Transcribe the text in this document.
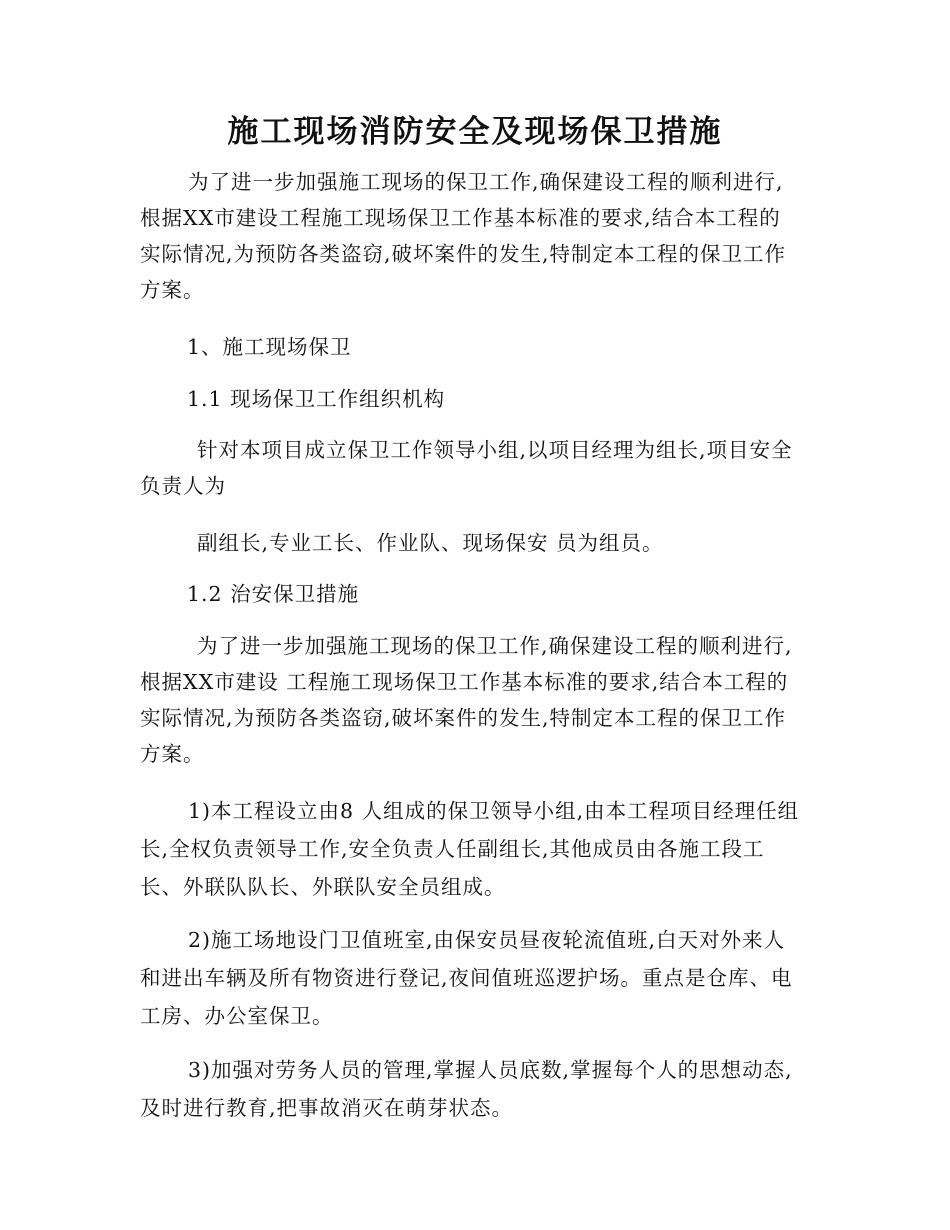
施工现场消防安全及现场保卫措施
为了进一步加强施工现场的保卫工作,确保建设工程的顺利进行,
根据XX市建设工程施工现场保卫工作基本标准的要求,结合本工程的
实际情况,为预防各类盗窃,破坏案件的发生,特制定本工程的保卫工作
方案。
1、施工现场保卫
1.1 现场保卫工作组织机构
针对本项目成立保卫工作领导小组,以项目经理为组长,项目安全
负责人为
副组长,专业工长、作业队、现场保安 员为组员。
1.2 治安保卫措施
为了进一步加强施工现场的保卫工作,确保建设工程的顺利进行,
根据XX市建设 工程施工现场保卫工作基本标准的要求,结合本工程的
实际情况,为预防各类盗窃,破坏案件的发生,特制定本工程的保卫工作
方案。
1)本工程设立由8 人组成的保卫领导小组,由本工程项目经理任组
长,全权负责领导工作,安全负责人任副组长,其他成员由各施工段工
长、外联队队长、外联队安全员组成。
2)施工场地设门卫值班室,由保安员昼夜轮流值班,白天对外来人
和进出车辆及所有物资进行登记,夜间值班巡逻护场。重点是仓库、电
工房、办公室保卫。
3)加强对劳务人员的管理,掌握人员底数,掌握每个人的思想动态,
及时进行教育,把事故消灭在萌芽状态。
